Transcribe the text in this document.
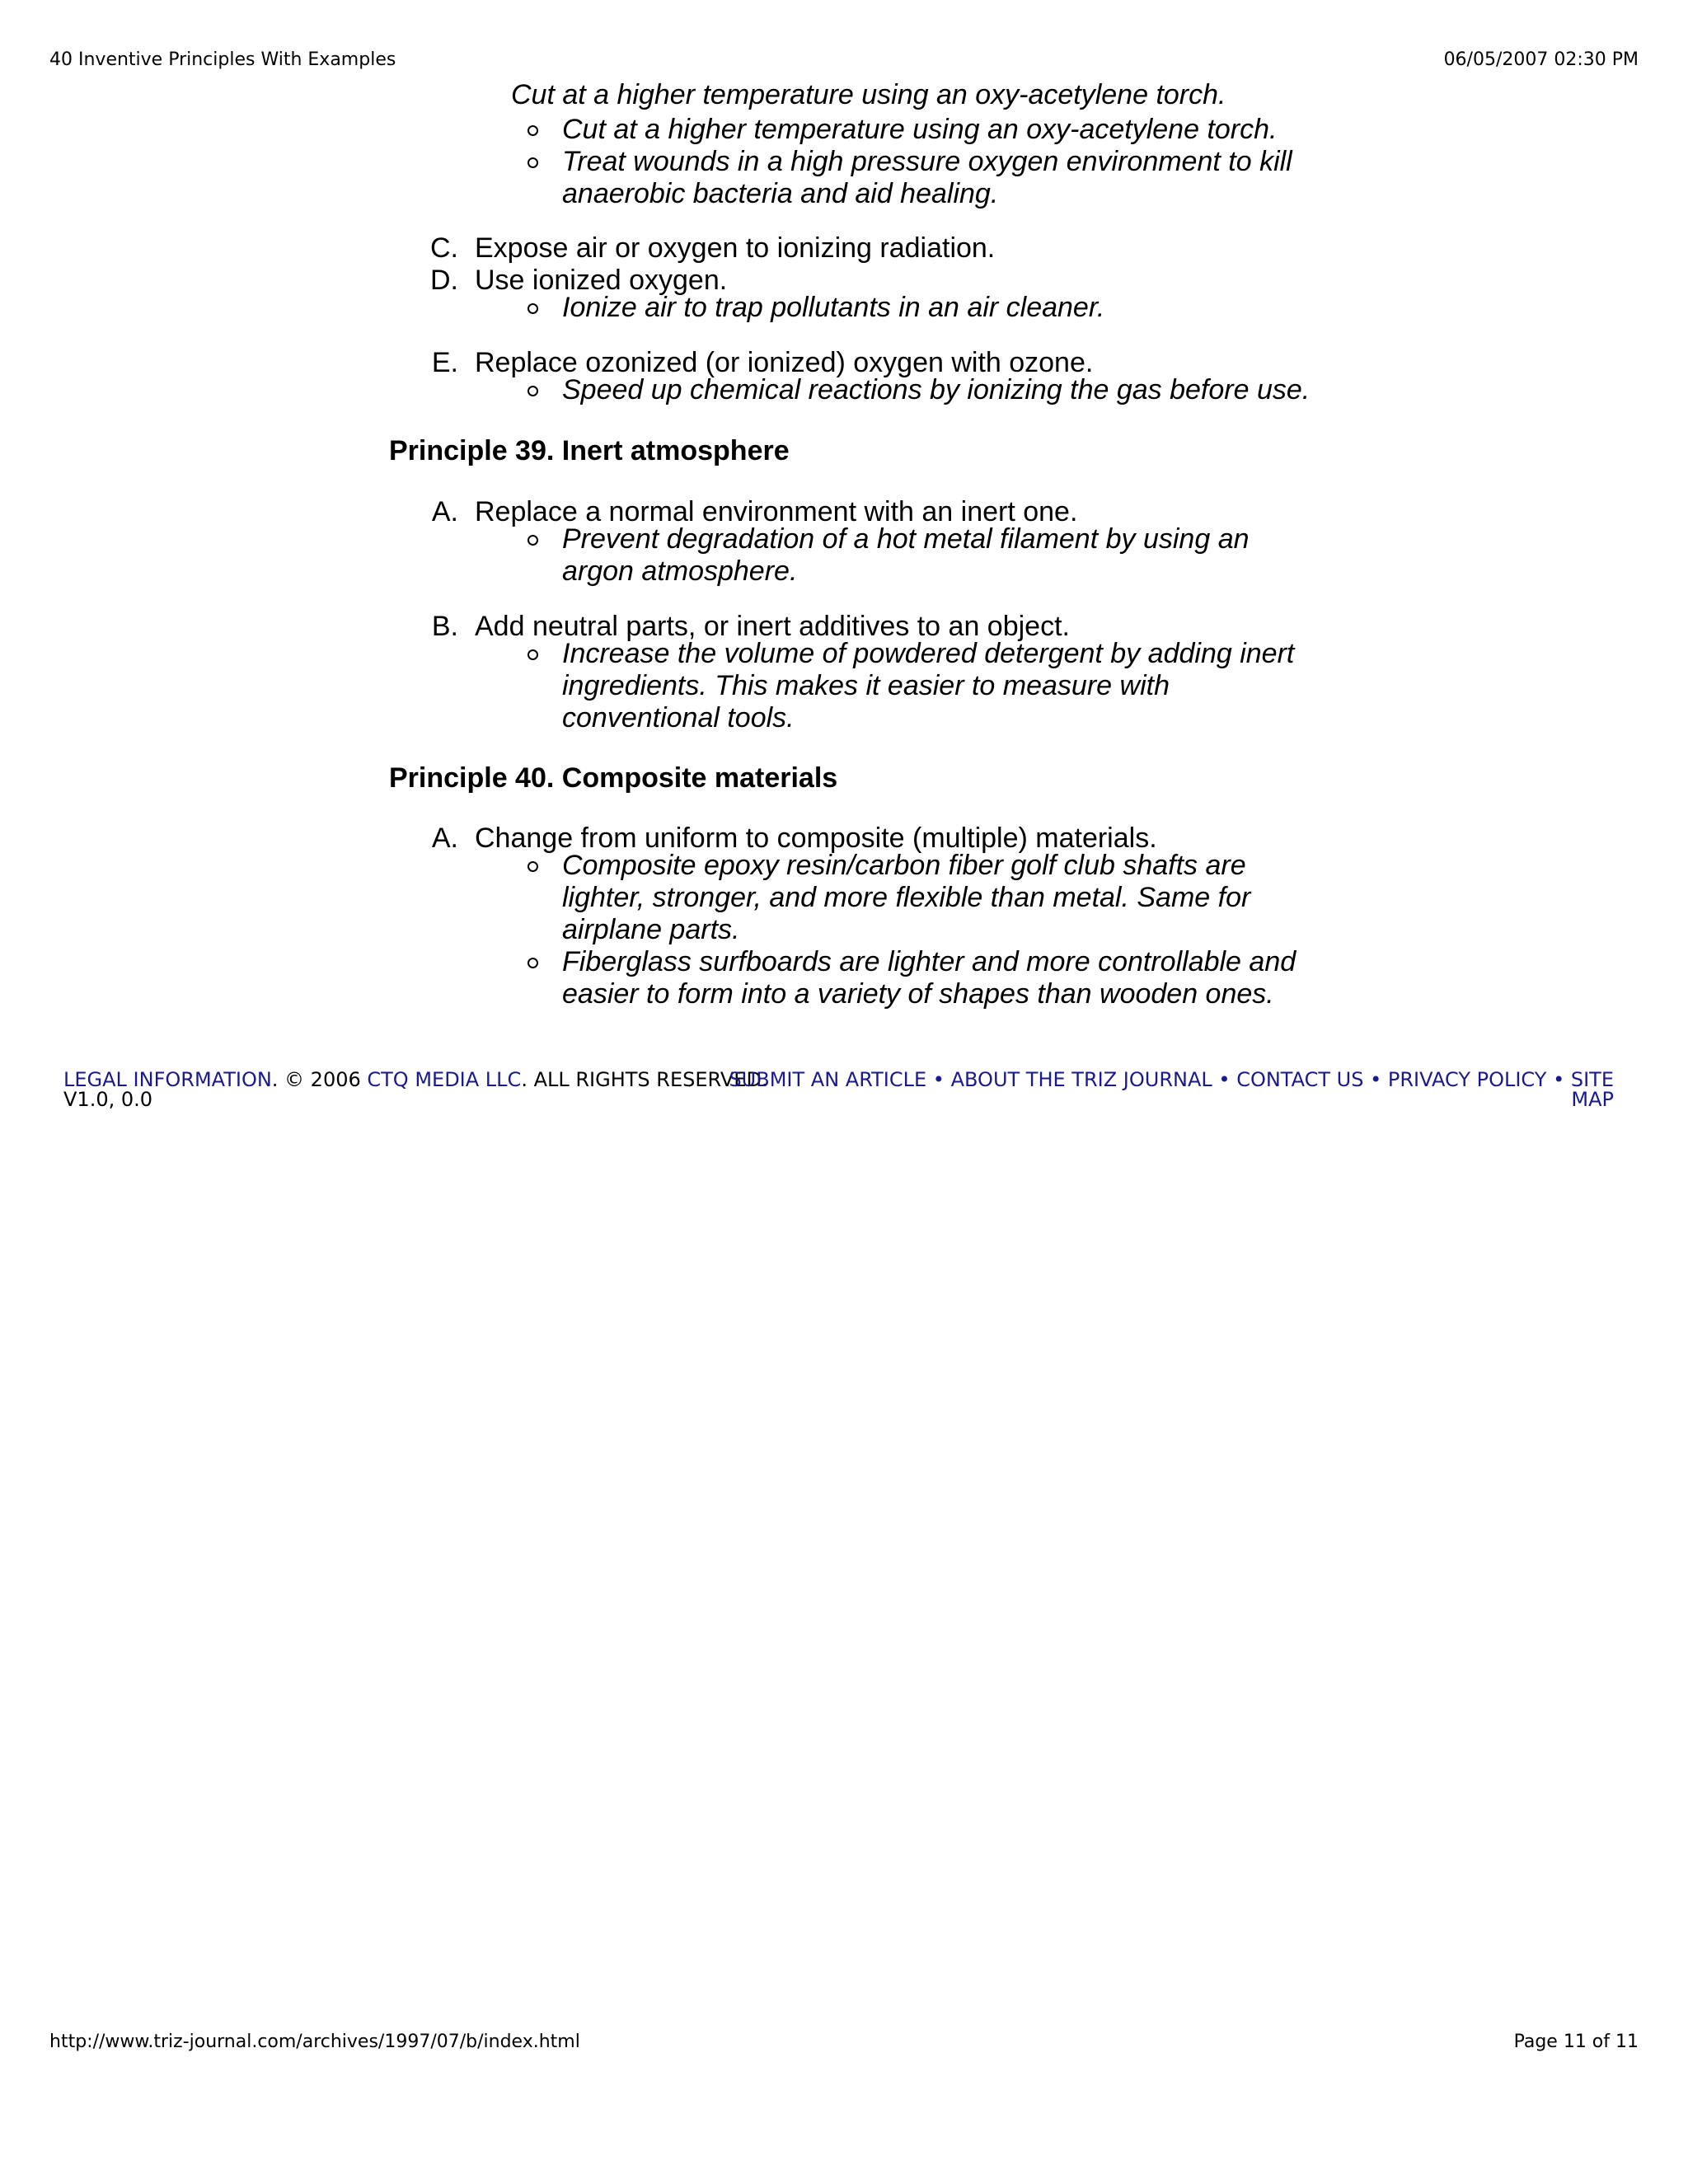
40 Inventive Principles With Examples	06/05/2007 02:30 PM
Cut at a higher temperature using an oxy-acetylene torch.
Cut at a higher temperature using an oxy-acetylene torch.
Treat wounds in a high pressure oxygen environment to kill
anaerobic bacteria and aid healing.
C. Expose air or oxygen to ionizing radiation.
D. Use ionized oxygen.
Ionize air to trap pollutants in an air cleaner.
E. Replace ozonized (or ionized) oxygen with ozone.
Speed up chemical reactions by ionizing the gas before use.
Principle 39. Inert atmosphere
A. Replace a normal environment with an inert one.
Prevent degradation of a hot metal filament by using an
argon atmosphere.
B. Add neutral parts, or inert additives to an object.
Increase the volume of powdered detergent by adding inert
ingredients. This makes it easier to measure with
conventional tools.
Principle 40. Composite materials
A. Change from uniform to composite (multiple) materials.
Composite epoxy resin/carbon fiber golf club shafts are
lighter, stronger, and more flexible than metal. Same for
airplane parts.
Fiberglass surfboards are lighter and more controllable and
easier to form into a variety of shapes than wooden ones.
LEGAL INFORMATION. © 2006 CTQ MEDIA LLC. ALL RIGHTS RESERVED.
V1.0, 0.0
SUBMIT AN ARTICLE • ABOUT THE TRIZ JOURNAL • CONTACT US • PRIVACY POLICY • SITE
MAP
http://www.triz-journal.com/archives/1997/07/b/index.html	Page 11 of 11
